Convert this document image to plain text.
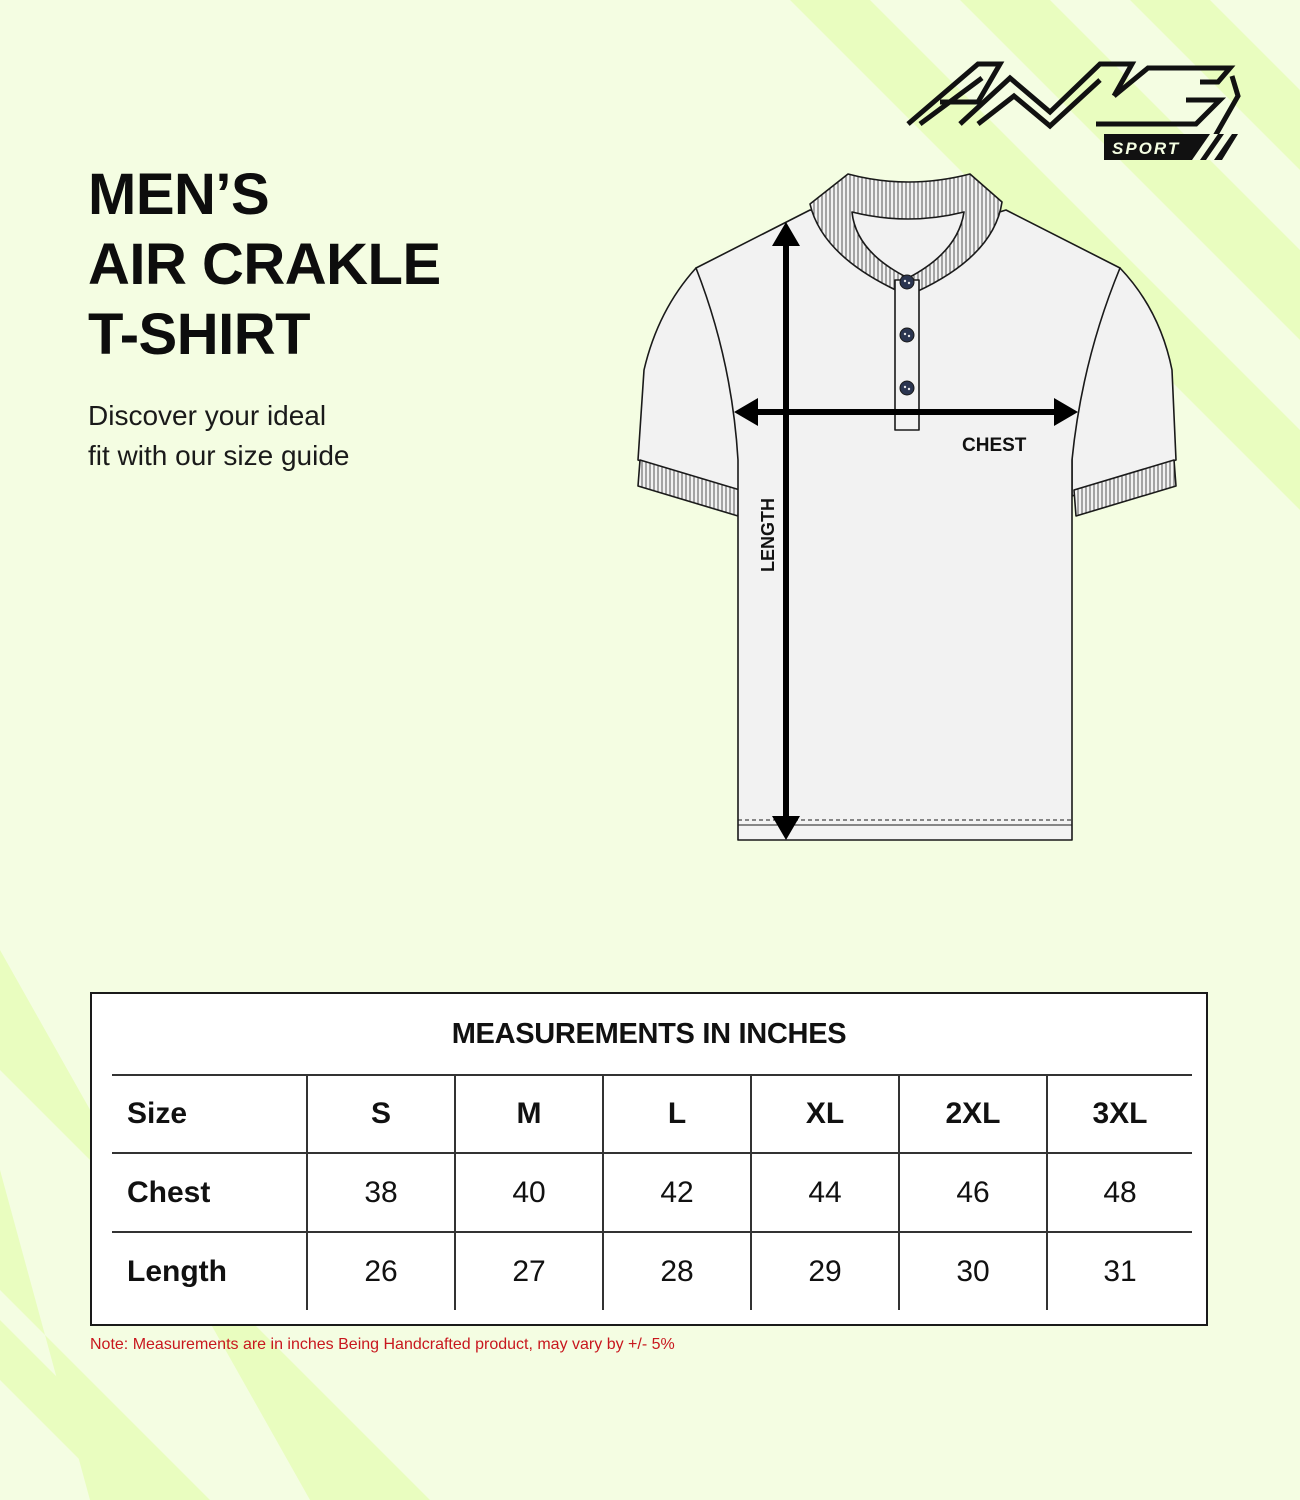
MEN’S
AIR CRAKLE
T-SHIRT
Discover your ideal
fit with our size guide
SPORT
CHEST
LENGTH
MEASUREMENTS IN INCHES
Size	S	M	L	XL	2XL	3XL
Chest	38	40	42	44	46	48
Length	26	27	28	29	30	31
Note: Measurements are in inches Being Handcrafted product, may vary by +/- 5%
